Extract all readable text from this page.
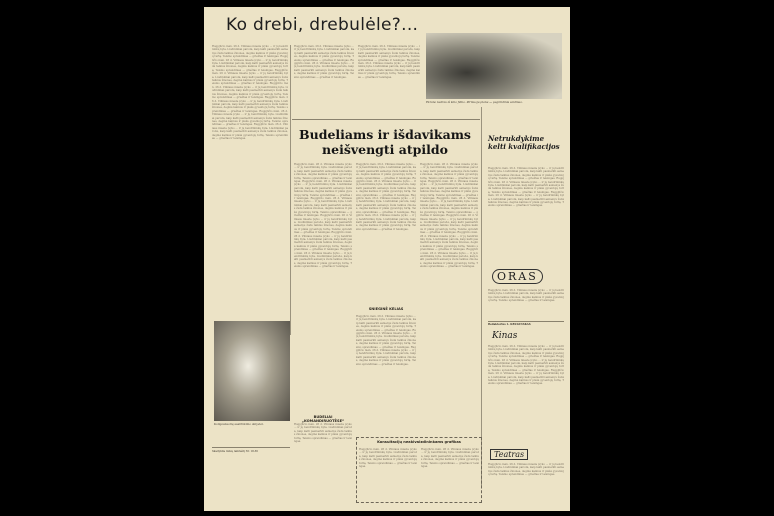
Ko drebi, drebulėle?...
Rugpjūčio mėn. 26 d. Vilniaus mieste įvyko ... ir jų bendrininkų byla. Liudininkai parodė, kaip kalti pasmerkti asmenys žudė taikius žmones, deginė kaimus ir plėšė gyventojų turtą. Teismo sprendimas — griežtas ir teisingas. Rugpjūčio mėn. 26 d. Vilniaus mieste įvyko ... ir jų bendrininkų byla. Liudininkai parodė, kaip kalti pasmerkti asmenys žudė taikius žmones, deginė kaimus ir plėšė gyventojų turtą. Teismo sprendimas — griežtas ir teisingas. Rugpjūčio mėn. 26 d. Vilniaus mieste įvyko ... ir jų bendrininkų byla. Liudininkai parodė, kaip kalti pasmerkti asmenys žudė taikius žmones, deginė kaimus ir plėšė gyventojų turtą. Teismo sprendimas — griežtas ir teisingas. Rugpjūčio mėn. 26 d. Vilniaus mieste įvyko ... ir jų bendrininkų byla. Liudininkai parodė, kaip kalti pasmerkti asmenys žudė taikius žmones, deginė kaimus ir plėšė gyventojų turtą. Teismo sprendimas — griežtas ir teisingas. Rugpjūčio mėn. 26 d. Vilniaus mieste įvyko ... ir jų bendrininkų byla. Liudininkai parodė, kaip kalti pasmerkti asmenys žudė taikius žmones, deginė kaimus ir plėšė gyventojų turtą. Teismo sprendimas — griežtas ir teisingas. Rugpjūčio mėn. 26 d. Vilniaus mieste įvyko ... ir jų bendrininkų byla. Liudininkai parodė, kaip kalti pasmerkti asmenys žudė taikius žmones, deginė kaimus ir plėšė gyventojų turtą. Teismo sprendimas — griežtas ir teisingas. Rugpjūčio mėn. 26 d. Vilniaus mieste įvyko ... ir jų bendrininkų byla. Liudininkai parodė, kaip kalti pasmerkti asmenys žudė taikius žmones, deginė kaimus ir plėšė gyventojų turtą. Teismo sprendimas — griežtas ir teisingas.
Komjaunuolių susirinkimo dalyviai.
Skaitykite mūsų laikraštį Nr. 18-36
Rugpjūčio mėn. 26 d. Vilniaus mieste įvyko ... ir jų bendrininkų byla. Liudininkai parodė, kaip kalti pasmerkti asmenys žudė taikius žmones, deginė kaimus ir plėšė gyventojų turtą. Teismo sprendimas — griežtas ir teisingas. Rugpjūčio mėn. 26 d. Vilniaus mieste įvyko ... ir jų bendrininkų byla. Liudininkai parodė, kaip kalti pasmerkti asmenys žudė taikius žmones, deginė kaimus ir plėšė gyventojų turtą. Teismo sprendimas — griežtas ir teisingas.
Rugpjūčio mėn. 26 d. Vilniaus mieste įvyko ... ir jų bendrininkų byla. Liudininkai parodė, kaip kalti pasmerkti asmenys žudė taikius žmones, deginė kaimus ir plėšė gyventojų turtą. Teismo sprendimas — griežtas ir teisingas. Rugpjūčio mėn. 26 d. Vilniaus mieste įvyko ... ir jų bendrininkų byla. Liudininkai parodė, kaip kalti pasmerkti asmenys žudė taikius žmones, deginė kaimus ir plėšė gyventojų turtą. Teismo sprendimas — griežtas ir teisingas.
Ekrano kadras iš kino filmo. Pirmuoju planu — pagrindinis vaidmuo.
Budeliams ir išdavikams neišvengti atpildo
Rugpjūčio mėn. 26 d. Vilniaus mieste įvyko ... ir jų bendrininkų byla. Liudininkai parodė, kaip kalti pasmerkti asmenys žudė taikius žmones, deginė kaimus ir plėšė gyventojų turtą. Teismo sprendimas — griežtas ir teisingas. Rugpjūčio mėn. 26 d. Vilniaus mieste įvyko ... ir jų bendrininkų byla. Liudininkai parodė, kaip kalti pasmerkti asmenys žudė taikius žmones, deginė kaimus ir plėšė gyventojų turtą. Teismo sprendimas — griežtas ir teisingas. Rugpjūčio mėn. 26 d. Vilniaus mieste įvyko ... ir jų bendrininkų byla. Liudininkai parodė, kaip kalti pasmerkti asmenys žudė taikius žmones, deginė kaimus ir plėšė gyventojų turtą. Teismo sprendimas — griežtas ir teisingas. Rugpjūčio mėn. 26 d. Vilniaus mieste įvyko ... ir jų bendrininkų byla. Liudininkai parodė, kaip kalti pasmerkti asmenys žudė taikius žmones, deginė kaimus ir plėšė gyventojų turtą. Teismo sprendimas — griežtas ir teisingas. Rugpjūčio mėn. 26 d. Vilniaus mieste įvyko ... ir jų bendrininkų byla. Liudininkai parodė, kaip kalti pasmerkti asmenys žudė taikius žmones, deginė kaimus ir plėšė gyventojų turtą. Teismo sprendimas — griežtas ir teisingas. Rugpjūčio mėn. 26 d. Vilniaus mieste įvyko ... ir jų bendrininkų byla. Liudininkai parodė, kaip kalti pasmerkti asmenys žudė taikius žmones, deginė kaimus ir plėšė gyventojų turtą. Teismo sprendimas — griežtas ir teisingas.
BUDELIAI „KOMANDIRUOTĖSE“
Rugpjūčio mėn. 26 d. Vilniaus mieste įvyko ... ir jų bendrininkų byla. Liudininkai parodė, kaip kalti pasmerkti asmenys žudė taikius žmones, deginė kaimus ir plėšė gyventojų turtą. Teismo sprendimas — griežtas ir teisingas.
Rugpjūčio mėn. 26 d. Vilniaus mieste įvyko ... ir jų bendrininkų byla. Liudininkai parodė, kaip kalti pasmerkti asmenys žudė taikius žmones, deginė kaimus ir plėšė gyventojų turtą. Teismo sprendimas — griežtas ir teisingas. Rugpjūčio mėn. 26 d. Vilniaus mieste įvyko ... ir jų bendrininkų byla. Liudininkai parodė, kaip kalti pasmerkti asmenys žudė taikius žmones, deginė kaimus ir plėšė gyventojų turtą. Teismo sprendimas — griežtas ir teisingas. Rugpjūčio mėn. 26 d. Vilniaus mieste įvyko ... ir jų bendrininkų byla. Liudininkai parodė, kaip kalti pasmerkti asmenys žudė taikius žmones, deginė kaimus ir plėšė gyventojų turtą. Teismo sprendimas — griežtas ir teisingas. Rugpjūčio mėn. 26 d. Vilniaus mieste įvyko ... ir jų bendrininkų byla. Liudininkai parodė, kaip kalti pasmerkti asmenys žudė taikius žmones, deginė kaimus ir plėšė gyventojų turtą. Teismo sprendimas — griežtas ir teisingas.
SNIEGINĖ KELIAS
Rugpjūčio mėn. 26 d. Vilniaus mieste įvyko ... ir jų bendrininkų byla. Liudininkai parodė, kaip kalti pasmerkti asmenys žudė taikius žmones, deginė kaimus ir plėšė gyventojų turtą. Teismo sprendimas — griežtas ir teisingas. Rugpjūčio mėn. 26 d. Vilniaus mieste įvyko ... ir jų bendrininkų byla. Liudininkai parodė, kaip kalti pasmerkti asmenys žudė taikius žmones, deginė kaimus ir plėšė gyventojų turtą. Teismo sprendimas — griežtas ir teisingas. Rugpjūčio mėn. 26 d. Vilniaus mieste įvyko ... ir jų bendrininkų byla. Liudininkai parodė, kaip kalti pasmerkti asmenys žudė taikius žmones, deginė kaimus ir plėšė gyventojų turtą. Teismo sprendimas — griežtas ir teisingas.
Rugpjūčio mėn. 26 d. Vilniaus mieste įvyko ... ir jų bendrininkų byla. Liudininkai parodė, kaip kalti pasmerkti asmenys žudė taikius žmones, deginė kaimus ir plėšė gyventojų turtą. Teismo sprendimas — griežtas ir teisingas. Rugpjūčio mėn. 26 d. Vilniaus mieste įvyko ... ir jų bendrininkų byla. Liudininkai parodė, kaip kalti pasmerkti asmenys žudė taikius žmones, deginė kaimus ir plėšė gyventojų turtą. Teismo sprendimas — griežtas ir teisingas. Rugpjūčio mėn. 26 d. Vilniaus mieste įvyko ... ir jų bendrininkų byla. Liudininkai parodė, kaip kalti pasmerkti asmenys žudė taikius žmones, deginė kaimus ir plėšė gyventojų turtą. Teismo sprendimas — griežtas ir teisingas. Rugpjūčio mėn. 26 d. Vilniaus mieste įvyko ... ir jų bendrininkų byla. Liudininkai parodė, kaip kalti pasmerkti asmenys žudė taikius žmones, deginė kaimus ir plėšė gyventojų turtą. Teismo sprendimas — griežtas ir teisingas. Rugpjūčio mėn. 26 d. Vilniaus mieste įvyko ... ir jų bendrininkų byla. Liudininkai parodė, kaip kalti pasmerkti asmenys žudė taikius žmones, deginė kaimus ir plėšė gyventojų turtą. Teismo sprendimas — griežtas ir teisingas. Rugpjūčio mėn. 26 d. Vilniaus mieste įvyko ... ir jų bendrininkų byla. Liudininkai parodė, kaip kalti pasmerkti asmenys žudė taikius žmones, deginė kaimus ir plėšė gyventojų turtą. Teismo sprendimas — griežtas ir teisingas.
Konsultacijų neakivaizdininkams grafikas
Rugpjūčio mėn. 26 d. Vilniaus mieste įvyko ... ir jų bendrininkų byla. Liudininkai parodė, kaip kalti pasmerkti asmenys žudė taikius žmones, deginė kaimus ir plėšė gyventojų turtą. Teismo sprendimas — griežtas ir teisingas.
Rugpjūčio mėn. 26 d. Vilniaus mieste įvyko ... ir jų bendrininkų byla. Liudininkai parodė, kaip kalti pasmerkti asmenys žudė taikius žmones, deginė kaimus ir plėšė gyventojų turtą. Teismo sprendimas — griežtas ir teisingas.
Netrukdykime kelti kvalifikacijos
Rugpjūčio mėn. 26 d. Vilniaus mieste įvyko ... ir jų bendrininkų byla. Liudininkai parodė, kaip kalti pasmerkti asmenys žudė taikius žmones, deginė kaimus ir plėšė gyventojų turtą. Teismo sprendimas — griežtas ir teisingas. Rugpjūčio mėn. 26 d. Vilniaus mieste įvyko ... ir jų bendrininkų byla. Liudininkai parodė, kaip kalti pasmerkti asmenys žudė taikius žmones, deginė kaimus ir plėšė gyventojų turtą. Teismo sprendimas — griežtas ir teisingas. Rugpjūčio mėn. 26 d. Vilniaus mieste įvyko ... ir jų bendrininkų byla. Liudininkai parodė, kaip kalti pasmerkti asmenys žudė taikius žmones, deginė kaimus ir plėšė gyventojų turtą. Teismo sprendimas — griežtas ir teisingas.
ORAS
Rugpjūčio mėn. 26 d. Vilniaus mieste įvyko ... ir jų bendrininkų byla. Liudininkai parodė, kaip kalti pasmerkti asmenys žudė taikius žmones, deginė kaimus ir plėšė gyventojų turtą. Teismo sprendimas — griežtas ir teisingas.
Redaktorius L. KRUGINSKAS
Kinas
Rugpjūčio mėn. 26 d. Vilniaus mieste įvyko ... ir jų bendrininkų byla. Liudininkai parodė, kaip kalti pasmerkti asmenys žudė taikius žmones, deginė kaimus ir plėšė gyventojų turtą. Teismo sprendimas — griežtas ir teisingas. Rugpjūčio mėn. 26 d. Vilniaus mieste įvyko ... ir jų bendrininkų byla. Liudininkai parodė, kaip kalti pasmerkti asmenys žudė taikius žmones, deginė kaimus ir plėšė gyventojų turtą. Teismo sprendimas — griežtas ir teisingas. Rugpjūčio mėn. 26 d. Vilniaus mieste įvyko ... ir jų bendrininkų byla. Liudininkai parodė, kaip kalti pasmerkti asmenys žudė taikius žmones, deginė kaimus ir plėšė gyventojų turtą. Teismo sprendimas — griežtas ir teisingas.
Teatras
Rugpjūčio mėn. 26 d. Vilniaus mieste įvyko ... ir jų bendrininkų byla. Liudininkai parodė, kaip kalti pasmerkti asmenys žudė taikius žmones, deginė kaimus ir plėšė gyventojų turtą. Teismo sprendimas — griežtas ir teisingas.
